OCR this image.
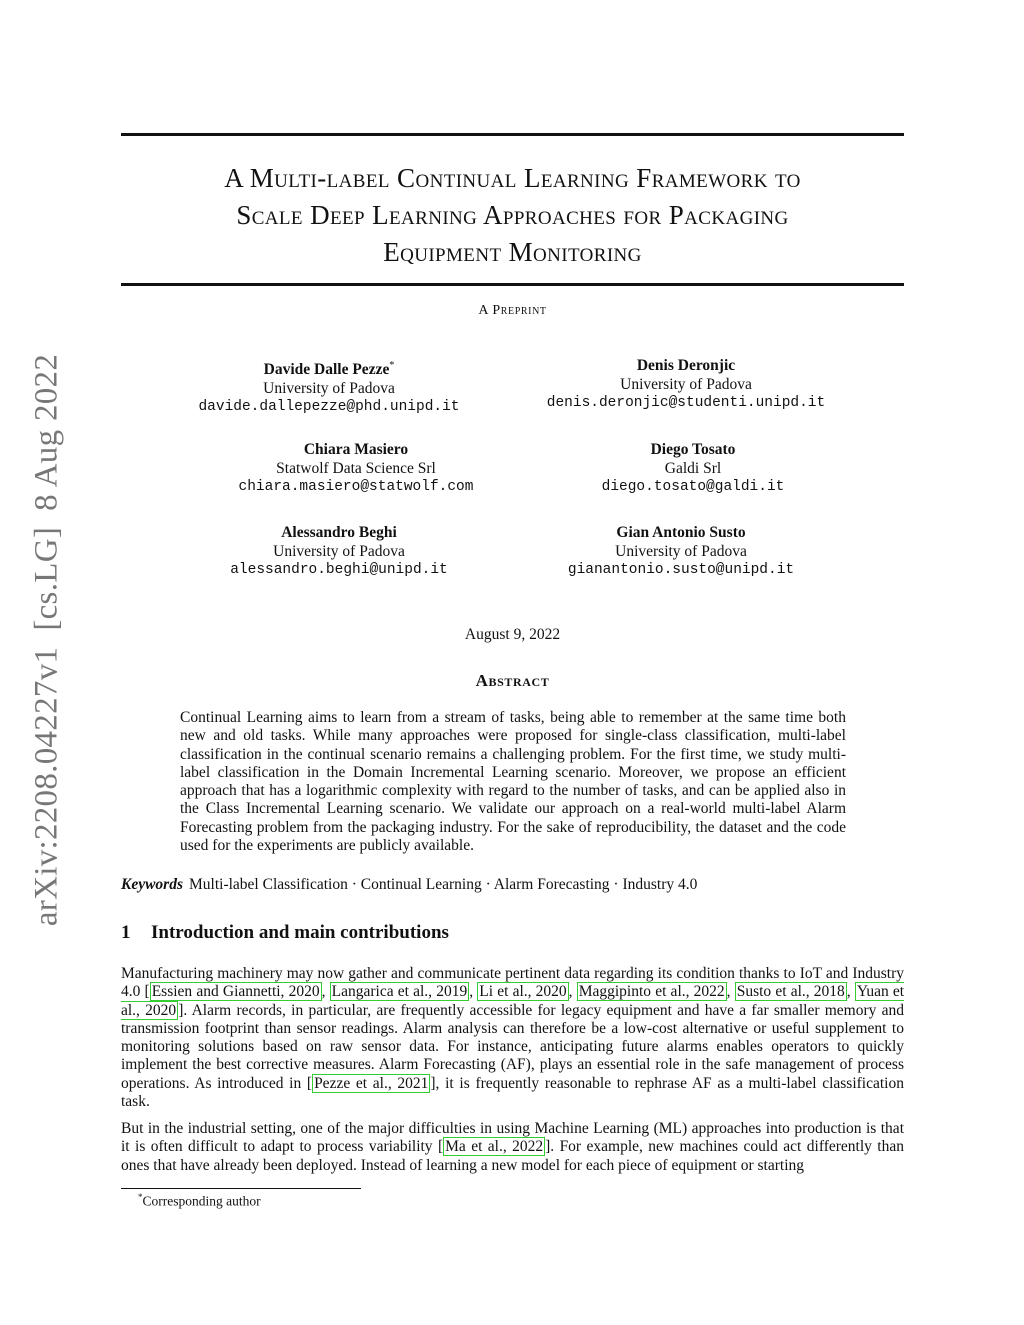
arXiv:2208.04227v1[cs.LG]8 Aug 2022
A Multi-label Continual Learning Framework to
Scale Deep Learning Approaches for Packaging
Equipment Monitoring
A Preprint
Davide Dalle Pezze*
University of Padova
davide.dallepezze@phd.unipd.it
Denis Deronjic
University of Padova
denis.deronjic@studenti.unipd.it
Chiara Masiero
Statwolf Data Science Srl
chiara.masiero@statwolf.com
Diego Tosato
Galdi Srl
diego.tosato@galdi.it
Alessandro Beghi
University of Padova
alessandro.beghi@unipd.it
Gian Antonio Susto
University of Padova
gianantonio.susto@unipd.it
August 9, 2022
Abstract
Continual Learning aims to learn from a stream of tasks, being able to remember at the same time both new and old tasks. While many approaches were proposed for single-class classification, multi-label classification in the continual scenario remains a challenging problem. For the first time, we study multi-label classification in the Domain Incremental Learning scenario. Moreover, we propose an efficient approach that has a logarithmic complexity with regard to the number of tasks, and can be applied also in the Class Incremental Learning scenario. We validate our approach on a real-world multi-label Alarm Forecasting problem from the packaging industry. For the sake of reproducibility, the dataset and the code used for the experiments are publicly available.
Keywords Multi-label Classification · Continual Learning · Alarm Forecasting · Industry 4.0
1 Introduction and main contributions
Manufacturing machinery may now gather and communicate pertinent data regarding its condition thanks to IoT and Industry 4.0 [ Essien and Giannetti, 2020 , Langarica et al., 2019 , Li et al., 2020 , Maggipinto et al., 2022 , Susto et al., 2018 , Yuan et al., 2020 ]. Alarm records, in particular, are frequently accessible for legacy equipment and have a far smaller memory and transmission footprint than sensor readings. Alarm analysis can therefore be a low-cost alternative or useful supplement to monitoring solutions based on raw sensor data. For instance, anticipating future alarms enables operators to quickly implement the best corrective measures. Alarm Forecasting (AF), plays an essential role in the safe management of process operations. As introduced in [ Pezze et al., 2021 ], it is frequently reasonable to rephrase AF as a multi-label classification task.
But in the industrial setting, one of the major difficulties in using Machine Learning (ML) approaches into production is that it is often difficult to adapt to process variability [ Ma et al., 2022 ]. For example, new machines could act differently than ones that have already been deployed. Instead of learning a new model for each piece of equipment or starting
*Corresponding author
